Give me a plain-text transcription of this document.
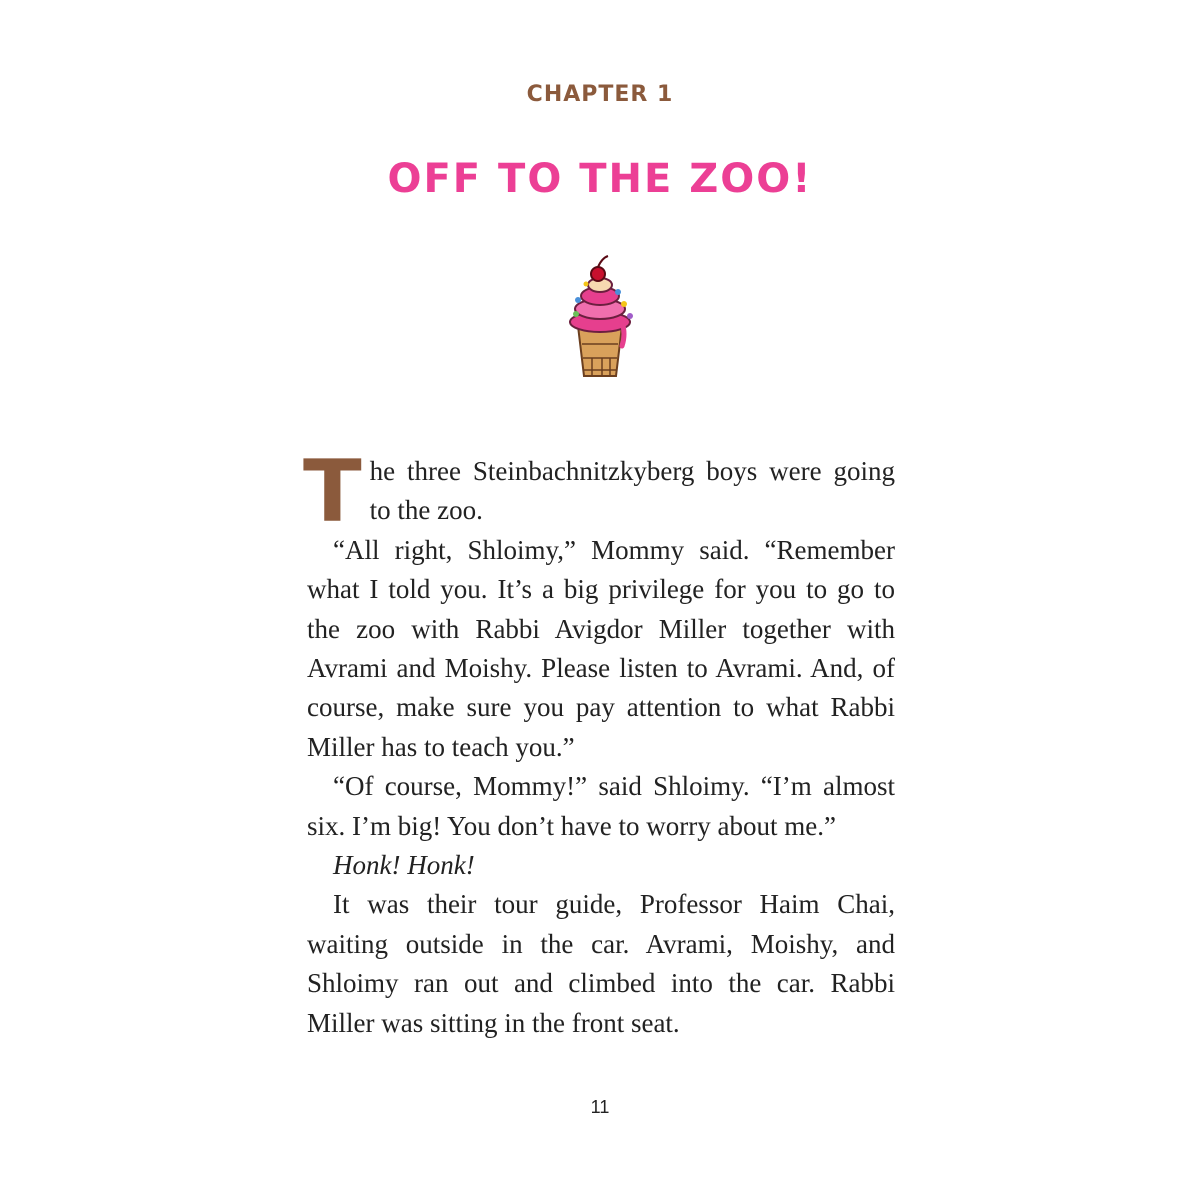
CHAPTER 1
OFF TO THE ZOO!

The three Steinbachnitzkyberg boys were going to the zoo.

“All right, Shloimy,” Mommy said. “Remember what I told you. It’s a big privilege for you to go to the zoo with Rabbi Avigdor Miller together with Avrami and Moishy. Please listen to Avrami. And, of course, make sure you pay attention to what Rabbi Miller has to teach you.”

“Of course, Mommy!” said Shloimy. “I’m almost six. I’m big! You don’t have to worry about me.”

Honk! Honk!

It was their tour guide, Professor Haim Chai, waiting outside in the car. Avrami, Moishy, and Shloimy ran out and climbed into the car. Rabbi Miller was sitting in the front seat.

11
